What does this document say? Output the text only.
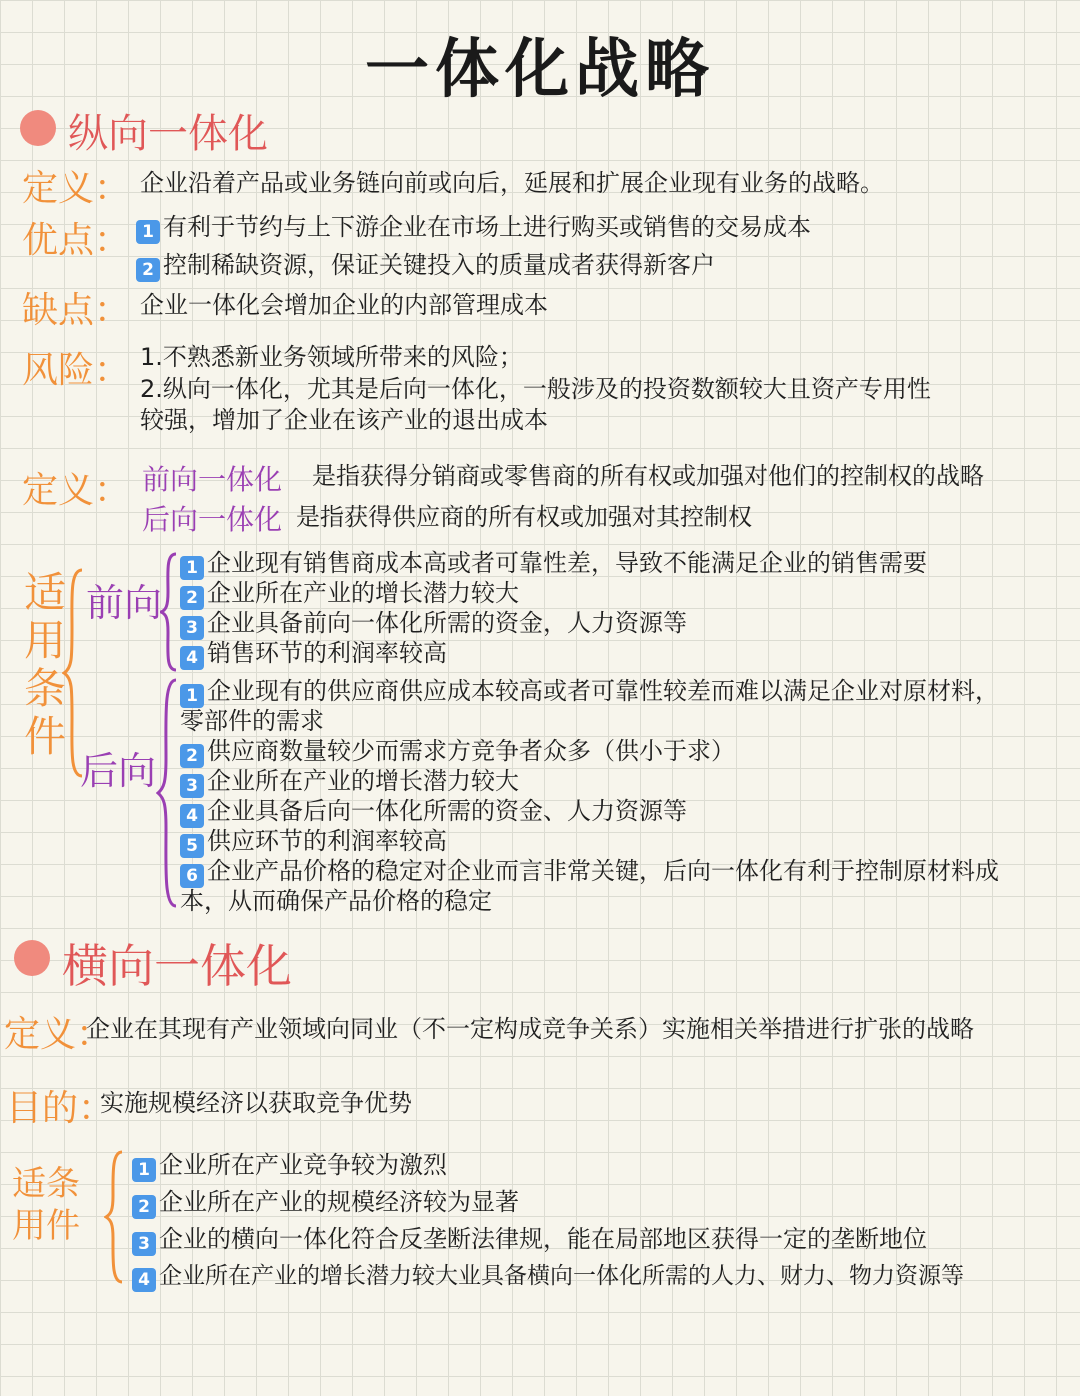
一体化战略
纵向一体化
定义： 企业沿着产品或业务链向前或向后，延展和扩展企业现有业务的战略。
优点： 1 有利于节约与上下游企业在市场上进行购买或销售的交易成本
2 控制稀缺资源，保证关键投入的质量成者获得新客户
缺点： 企业一体化会增加企业的内部管理成本
风险： 1.不熟悉新业务领域所带来的风险；
2.纵向一体化，尤其是后向一体化，一般涉及的投资数额较大且资产专用性
较强，增加了企业在该产业的退出成本
定义： 前向一体化 是指获得分销商或零售商的所有权或加强对他们的控制权的战略
后向一体化 是指获得供应商的所有权或加强对其控制权
适用条件 前向
1 企业现有销售商成本高或者可靠性差，导致不能满足企业的销售需要
2 企业所在产业的增长潜力较大
3 企业具备前向一体化所需的资金，人力资源等
4 销售环节的利润率较高
后向
1 企业现有的供应商供应成本较高或者可靠性较差而难以满足企业对原材料，
零部件的需求
2 供应商数量较少而需求方竞争者众多（供小于求）
3 企业所在产业的增长潜力较大
4 企业具备后向一体化所需的资金、人力资源等
5 供应环节的利润率较高
6 企业产品价格的稳定对企业而言非常关键，后向一体化有利于控制原材料成
本，从而确保产品价格的稳定
横向一体化
定义：
企业在其现有产业领域向同业（不一定构成竞争关系）实施相关举措进行扩张的战略
目的：
实施规模经济以获取竞争优势
适条
用件
1 企业所在产业竞争较为激烈
2 企业所在产业的规模经济较为显著
3 企业的横向一体化符合反垄断法律规，能在局部地区获得一定的垄断地位
4 企业所在产业的增长潜力较大业具备横向一体化所需的人力、财力、物力资源等
